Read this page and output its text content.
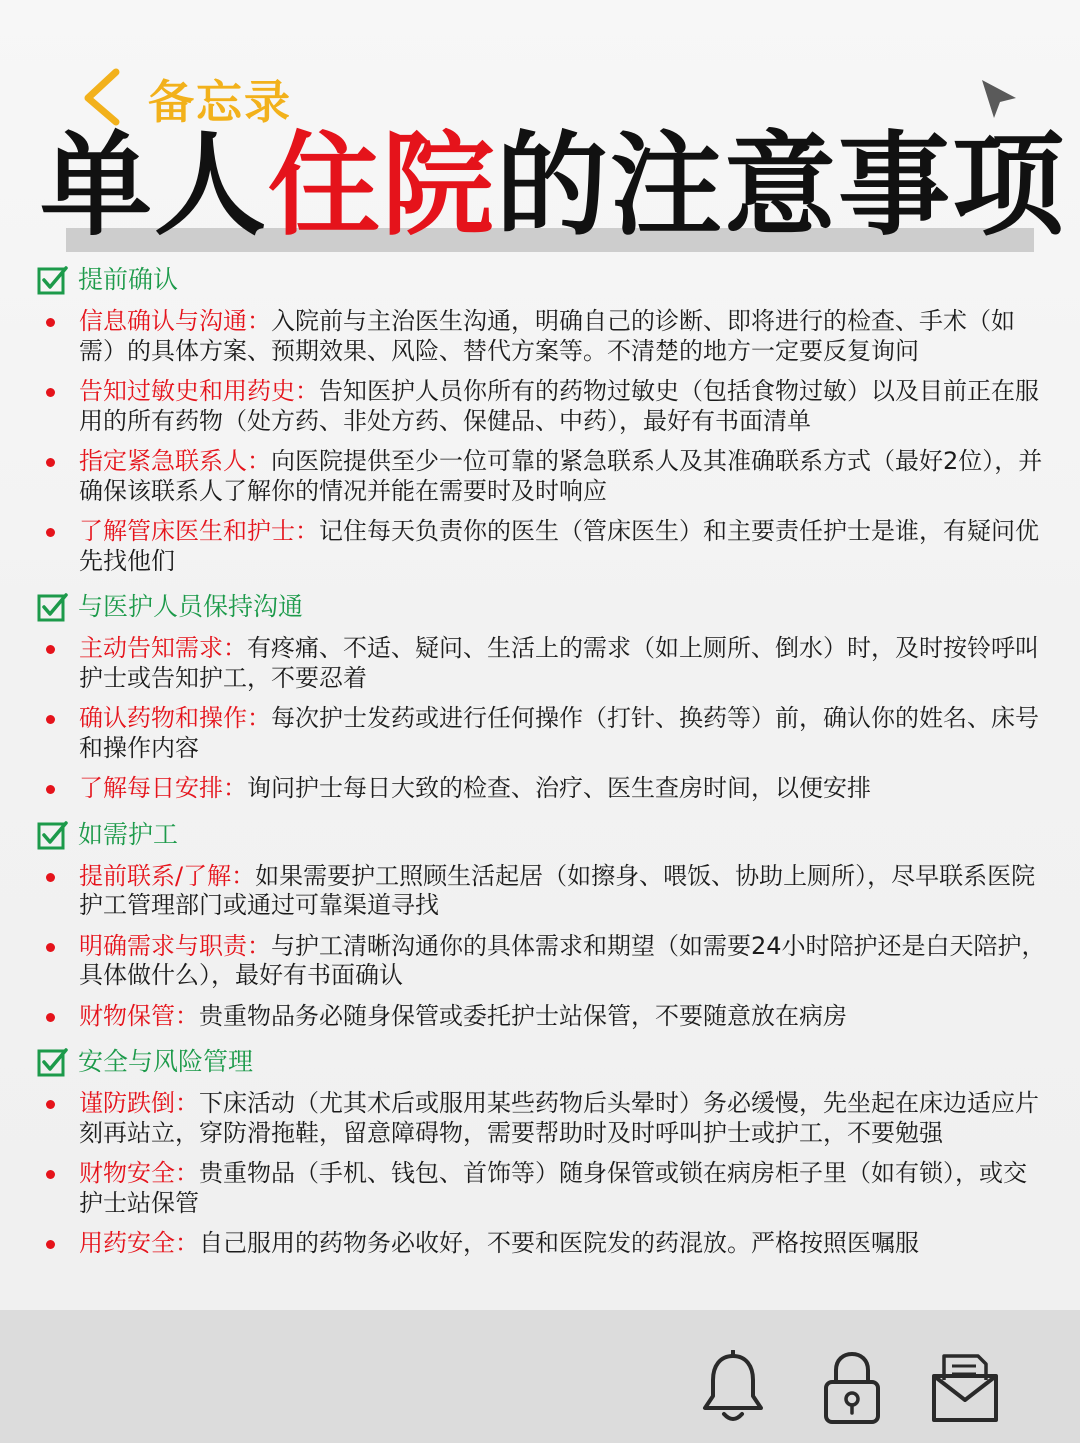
备忘录
单人住院的注意事项
提前确认
信息确认与沟通：入院前与主治医生沟通，明确自己的诊断、即将进行的检查、手术（如需）的具体方案、预期效果、风险、替代方案等。不清楚的地方一定要反复询问
告知过敏史和用药史：告知医护人员你所有的药物过敏史（包括食物过敏）以及目前正在服用的所有药物（处方药、非处方药、保健品、中药），最好有书面清单
指定紧急联系人：向医院提供至少一位可靠的紧急联系人及其准确联系方式（最好2位），并确保该联系人了解你的情况并能在需要时及时响应
了解管床医生和护士：记住每天负责你的医生（管床医生）和主要责任护士是谁，有疑问优先找他们
与医护人员保持沟通
主动告知需求：有疼痛、不适、疑问、生活上的需求（如上厕所、倒水）时，及时按铃呼叫护士或告知护工，不要忍着
确认药物和操作：每次护士发药或进行任何操作（打针、换药等）前，确认你的姓名、床号和操作内容
了解每日安排：询问护士每日大致的检查、治疗、医生查房时间，以便安排
如需护工
提前联系/了解：如果需要护工照顾生活起居（如擦身、喂饭、协助上厕所），尽早联系医院护工管理部门或通过可靠渠道寻找
明确需求与职责：与护工清晰沟通你的具体需求和期望（如需要24小时陪护还是白天陪护，具体做什么），最好有书面确认
财物保管：贵重物品务必随身保管或委托护士站保管，不要随意放在病房
安全与风险管理
谨防跌倒：下床活动（尤其术后或服用某些药物后头晕时）务必缓慢，先坐起在床边适应片刻再站立，穿防滑拖鞋，留意障碍物，需要帮助时及时呼叫护士或护工，不要勉强
财物安全：贵重物品（手机、钱包、首饰等）随身保管或锁在病房柜子里（如有锁），或交护士站保管
用药安全：自己服用的药物务必收好，不要和医院发的药混放。严格按照医嘱服
